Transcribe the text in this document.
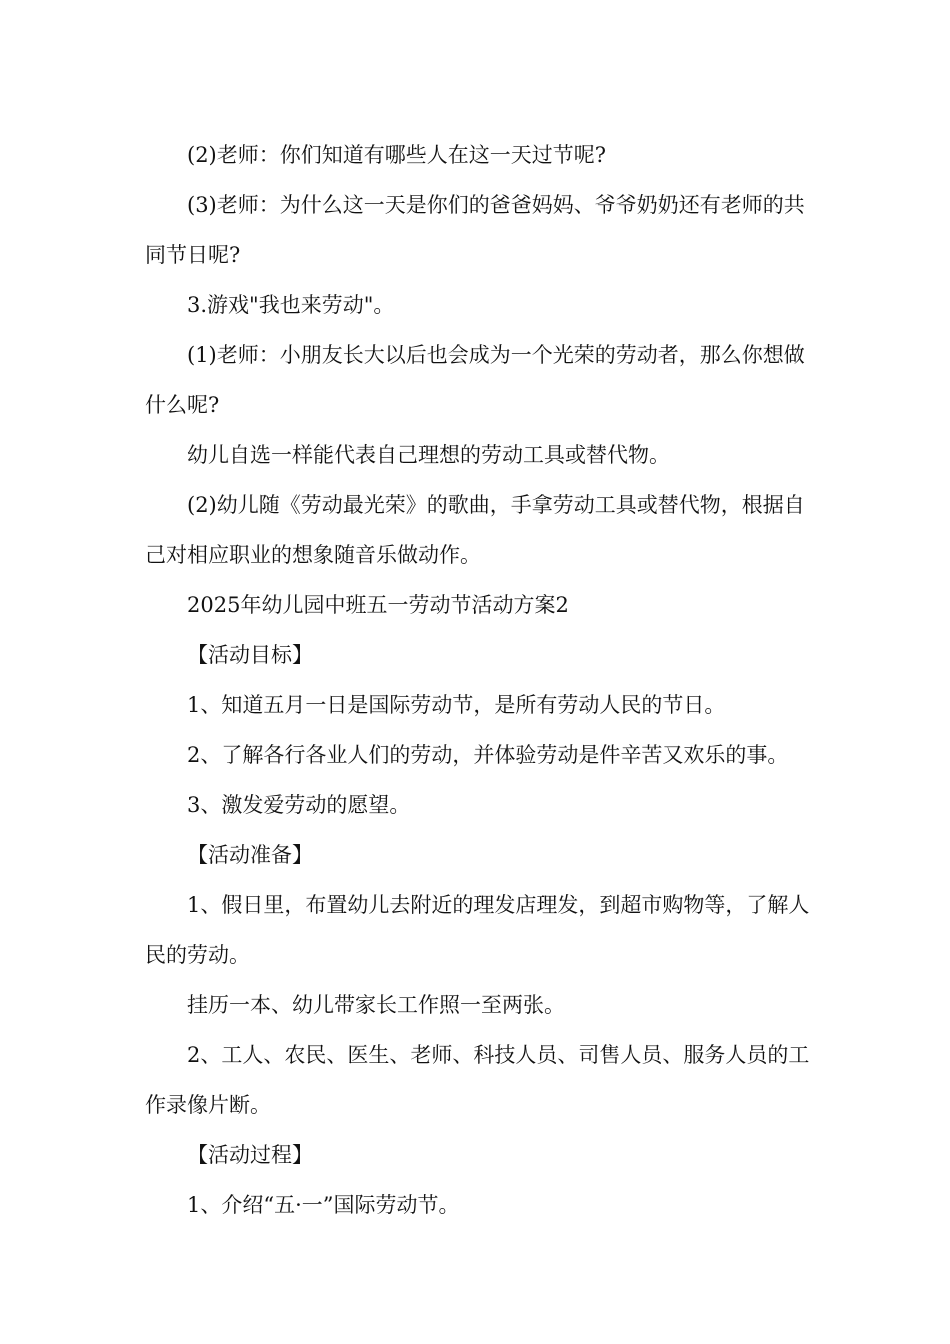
(2)老师：你们知道有哪些人在这一天过节呢?

(3)老师：为什么这一天是你们的爸爸妈妈、爷爷奶奶还有老师的共同节日呢?

3.游戏"我也来劳动"。

(1)老师：小朋友长大以后也会成为一个光荣的劳动者，那么你想做什么呢?

幼儿自选一样能代表自己理想的劳动工具或替代物。

(2)幼儿随《劳动最光荣》的歌曲，手拿劳动工具或替代物，根据自己对相应职业的想象随音乐做动作。

2025年幼儿园中班五一劳动节活动方案2

【活动目标】

1、知道五月一日是国际劳动节，是所有劳动人民的节日。

2、了解各行各业人们的劳动，并体验劳动是件辛苦又欢乐的事。

3、激发爱劳动的愿望。

【活动准备】

1、假日里，布置幼儿去附近的理发店理发，到超市购物等，了解人民的劳动。

挂历一本、幼儿带家长工作照一至两张。

2、工人、农民、医生、老师、科技人员、司售人员、服务人员的工作录像片断。

【活动过程】

1、介绍“五·一”国际劳动节。
